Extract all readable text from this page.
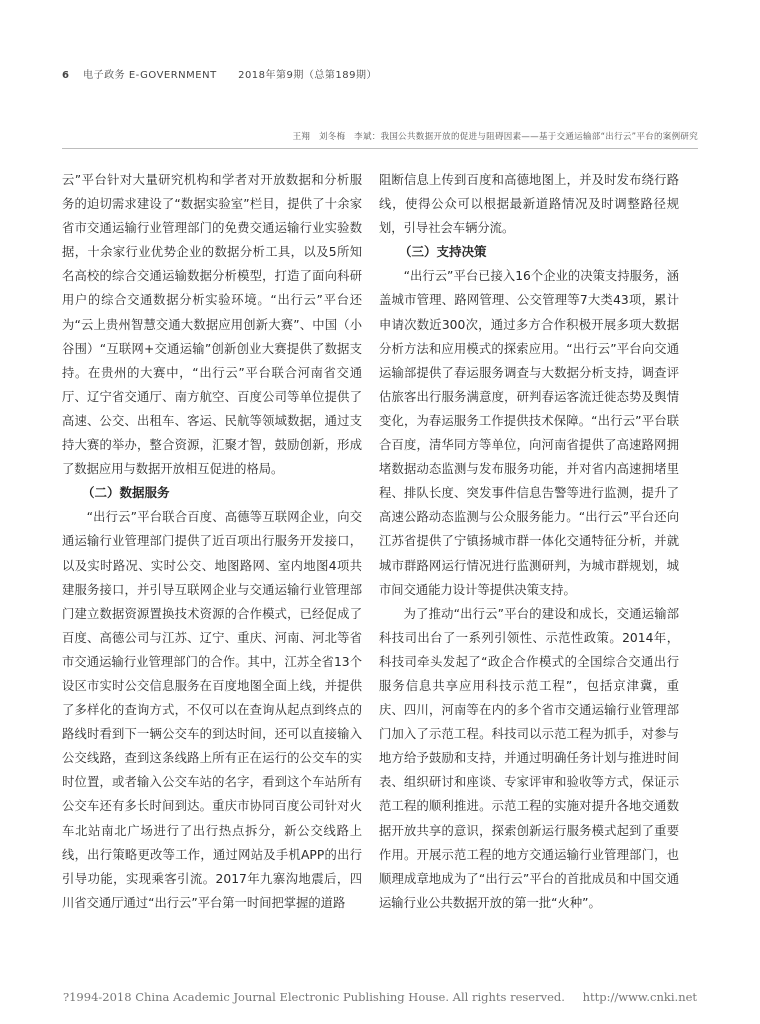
6 电子政务 E-GOVERNMENT 2018年第9期（总第189期）
王翔　刘冬梅　李斌：我国公共数据开放的促进与阻碍因素——基于交通运输部“出行云”平台的案例研究

云”平台针对大量研究机构和学者对开放数据和分析服务的迫切需求建设了“数据实验室”栏目，提供了十余家省市交通运输行业管理部门的免费交通运输行业实验数据，十余家行业优势企业的数据分析工具，以及5所知名高校的综合交通运输数据分析模型，打造了面向科研用户的综合交通数据分析实验环境。“出行云”平台还为“云上贵州智慧交通大数据应用创新大赛”、中国（小谷围）“互联网+交通运输”创新创业大赛提供了数据支持。在贵州的大赛中，“出行云”平台联合河南省交通厅、辽宁省交通厅、南方航空、百度公司等单位提供了高速、公交、出租车、客运、民航等领域数据，通过支持大赛的举办，整合资源，汇聚才智，鼓励创新，形成了数据应用与数据开放相互促进的格局。

（二）数据服务

“出行云”平台联合百度、高德等互联网企业，向交通运输行业管理部门提供了近百项出行服务开发接口，以及实时路况、实时公交、地图路网、室内地图4项共建服务接口，并引导互联网企业与交通运输行业管理部门建立数据资源置换技术资源的合作模式，已经促成了百度、高德公司与江苏、辽宁、重庆、河南、河北等省市交通运输行业管理部门的合作。其中，江苏全省13个设区市实时公交信息服务在百度地图全面上线，并提供了多样化的查询方式，不仅可以在查询从起点到终点的路线时看到下一辆公交车的到达时间，还可以直接输入公交线路，查到这条线路上所有正在运行的公交车的实时位置，或者输入公交车站的名字，看到这个车站所有公交车还有多长时间到达。重庆市协同百度公司针对火车北站南北广场进行了出行热点拆分，新公交线路上线，出行策略更改等工作，通过网站及手机APP的出行引导功能，实现乘客引流。2017年九寨沟地震后，四川省交通厅通过“出行云”平台第一时间把掌握的道路

阻断信息上传到百度和高德地图上，并及时发布绕行路线，使得公众可以根据最新道路情况及时调整路径规划，引导社会车辆分流。

（三）支持决策

“出行云”平台已接入16个企业的决策支持服务，涵盖城市管理、路网管理、公交管理等7大类43项，累计申请次数近300次，通过多方合作积极开展多项大数据分析方法和应用模式的探索应用。“出行云”平台向交通运输部提供了春运服务调查与大数据分析支持，调查评估旅客出行服务满意度，研判春运客流迁徙态势及舆情变化，为春运服务工作提供技术保障。“出行云”平台联合百度，清华同方等单位，向河南省提供了高速路网拥堵数据动态监测与发布服务功能，并对省内高速拥堵里程、排队长度、突发事件信息告警等进行监测，提升了高速公路动态监测与公众服务能力。“出行云”平台还向江苏省提供了宁镇扬城市群一体化交通特征分析，并就城市群路网运行情况进行监测研判，为城市群规划，城市间交通能力设计等提供决策支持。

为了推动“出行云”平台的建设和成长，交通运输部科技司出台了一系列引领性、示范性政策。2014年，科技司牵头发起了“政企合作模式的全国综合交通出行服务信息共享应用科技示范工程”，包括京津冀，重庆、四川，河南等在内的多个省市交通运输行业管理部门加入了示范工程。科技司以示范工程为抓手，对参与地方给予鼓励和支持，并通过明确任务计划与推进时间表、组织研讨和座谈、专家评审和验收等方式，保证示范工程的顺利推进。示范工程的实施对提升各地交通数据开放共享的意识，探索创新运行服务模式起到了重要作用。开展示范工程的地方交通运输行业管理部门，也顺理成章地成为了“出行云”平台的首批成员和中国交通运输行业公共数据开放的第一批“火种”。

?1994-2018 China Academic Journal Electronic Publishing House. All rights reserved. http://www.cnki.net
